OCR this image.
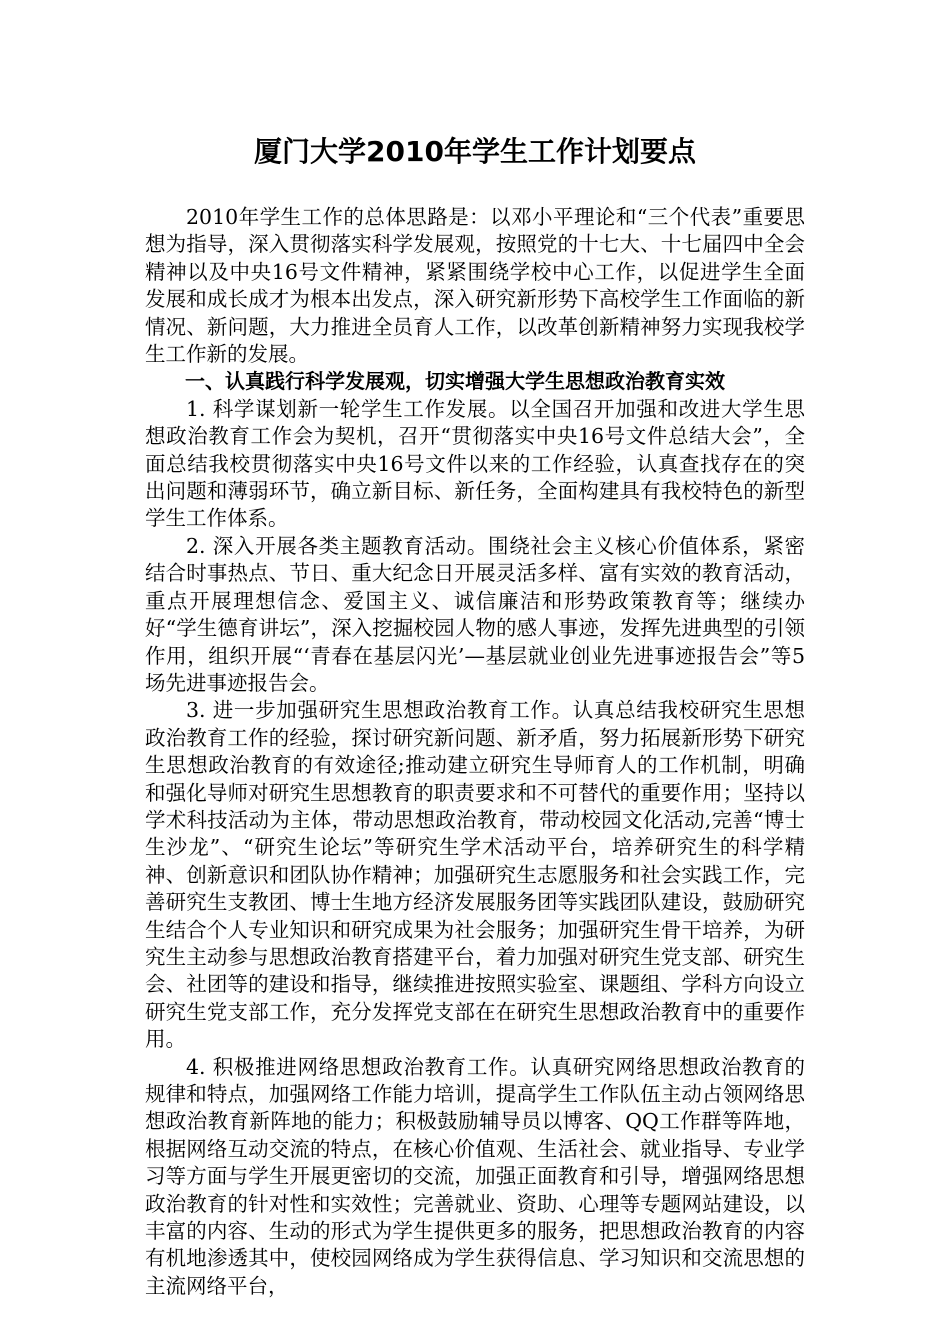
厦门大学2010年学生工作计划要点

2010年学生工作的总体思路是：以邓小平理论和“三个代表”重要思想为指导，深入贯彻落实科学发展观，按照党的十七大、十七届四中全会精神以及中央16号文件精神，紧紧围绕学校中心工作，以促进学生全面发展和成长成才为根本出发点，深入研究新形势下高校学生工作面临的新情况、新问题，大力推进全员育人工作，以改革创新精神努力实现我校学生工作新的发展。

一、认真践行科学发展观，切实增强大学生思想政治教育实效

1. 科学谋划新一轮学生工作发展。以全国召开加强和改进大学生思想政治教育工作会为契机，召开“贯彻落实中央16号文件总结大会”，全面总结我校贯彻落实中央16号文件以来的工作经验，认真查找存在的突出问题和薄弱环节，确立新目标、新任务，全面构建具有我校特色的新型学生工作体系。

2. 深入开展各类主题教育活动。围绕社会主义核心价值体系，紧密结合时事热点、节日、重大纪念日开展灵活多样、富有实效的教育活动，重点开展理想信念、爱国主义、诚信廉洁和形势政策教育等；继续办好“学生德育讲坛”，深入挖掘校园人物的感人事迹，发挥先进典型的引领作用，组织开展“‘青春在基层闪光’—基层就业创业先进事迹报告会”等5场先进事迹报告会。

3. 进一步加强研究生思想政治教育工作。认真总结我校研究生思想政治教育工作的经验，探讨研究新问题、新矛盾，努力拓展新形势下研究生思想政治教育的有效途径;推动建立研究生导师育人的工作机制，明确和强化导师对研究生思想教育的职责要求和不可替代的重要作用；坚持以学术科技活动为主体，带动思想政治教育，带动校园文化活动,完善“博士生沙龙”、“研究生论坛”等研究生学术活动平台，培养研究生的科学精神、创新意识和团队协作精神；加强研究生志愿服务和社会实践工作，完善研究生支教团、博士生地方经济发展服务团等实践团队建设，鼓励研究生结合个人专业知识和研究成果为社会服务；加强研究生骨干培养，为研究生主动参与思想政治教育搭建平台，着力加强对研究生党支部、研究生会、社团等的建设和指导，继续推进按照实验室、课题组、学科方向设立研究生党支部工作，充分发挥党支部在在研究生思想政治教育中的重要作用。

4. 积极推进网络思想政治教育工作。认真研究网络思想政治教育的规律和特点，加强网络工作能力培训，提高学生工作队伍主动占领网络思想政治教育新阵地的能力；积极鼓励辅导员以博客、QQ工作群等阵地，根据网络互动交流的特点，在核心价值观、生活社会、就业指导、专业学习等方面与学生开展更密切的交流，加强正面教育和引导，增强网络思想政治教育的针对性和实效性；完善就业、资助、心理等专题网站建设，以丰富的内容、生动的形式为学生提供更多的服务，把思想政治教育的内容有机地渗透其中，使校园网络成为学生获得信息、学习知识和交流思想的主流网络平台，
